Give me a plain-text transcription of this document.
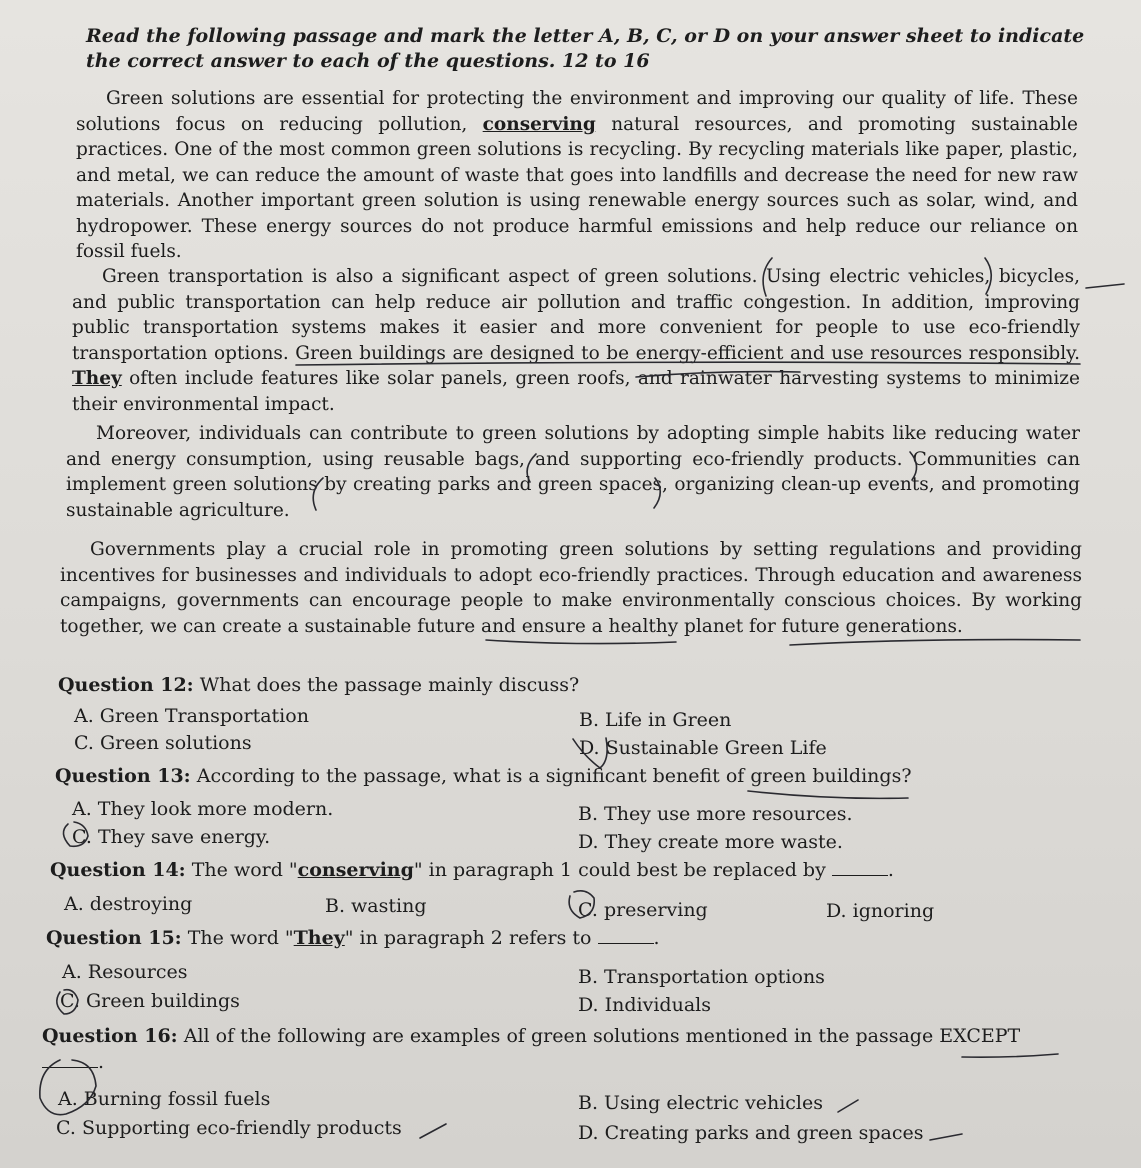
Read the following passage and mark the letter A, B, C, or D on your answer sheet to indicate the correct answer to each of the questions. 12 to 16
Green solutions are essential for protecting the environment and improving our quality of life. These solutions focus on reducing pollution, conserving natural resources, and promoting sustainable practices. One of the most common green solutions is recycling. By recycling materials like paper, plastic, and metal, we can reduce the amount of waste that goes into landfills and decrease the need for new raw materials. Another important green solution is using renewable energy sources such as solar, wind, and hydropower. These energy sources do not produce harmful emissions and help reduce our reliance on fossil fuels.
Green transportation is also a significant aspect of green solutions. Using electric vehicles, bicycles, and public transportation can help reduce air pollution and traffic congestion. In addition, improving public transportation systems makes it easier and more convenient for people to use eco-friendly transportation options. Green buildings are designed to be energy-efficient and use resources responsibly. They often include features like solar panels, green roofs, and rainwater harvesting systems to minimize their environmental impact.
Moreover, individuals can contribute to green solutions by adopting simple habits like reducing water and energy consumption, using reusable bags, and supporting eco-friendly products. Communities can implement green solutions by creating parks and green spaces, organizing clean-up events, and promoting sustainable agriculture.
Governments play a crucial role in promoting green solutions by setting regulations and providing incentives for businesses and individuals to adopt eco-friendly practices. Through education and awareness campaigns, governments can encourage people to make environmentally conscious choices. By working together, we can create a sustainable future and ensure a healthy planet for future generations.
Question 12: What does the passage mainly discuss?
A. Green Transportation	B. Life in Green
C. Green solutions	D. Sustainable Green Life
Question 13: According to the passage, what is a significant benefit of green buildings?
A. They look more modern.	B. They use more resources.
C. They save energy.	D. They create more waste.
Question 14: The word "conserving" in paragraph 1 could best be replaced by	.
A. destroying	B. wasting	C. preserving	D. ignoring
Question 15: The word "They" in paragraph 2 refers to	.
A. Resources	B. Transportation options
C. Green buildings	D. Individuals
Question 16: All of the following are examples of green solutions mentioned in the passage EXCEPT
.
A. Burning fossil fuels	B. Using electric vehicles
C. Supporting eco-friendly products	D. Creating parks and green spaces
